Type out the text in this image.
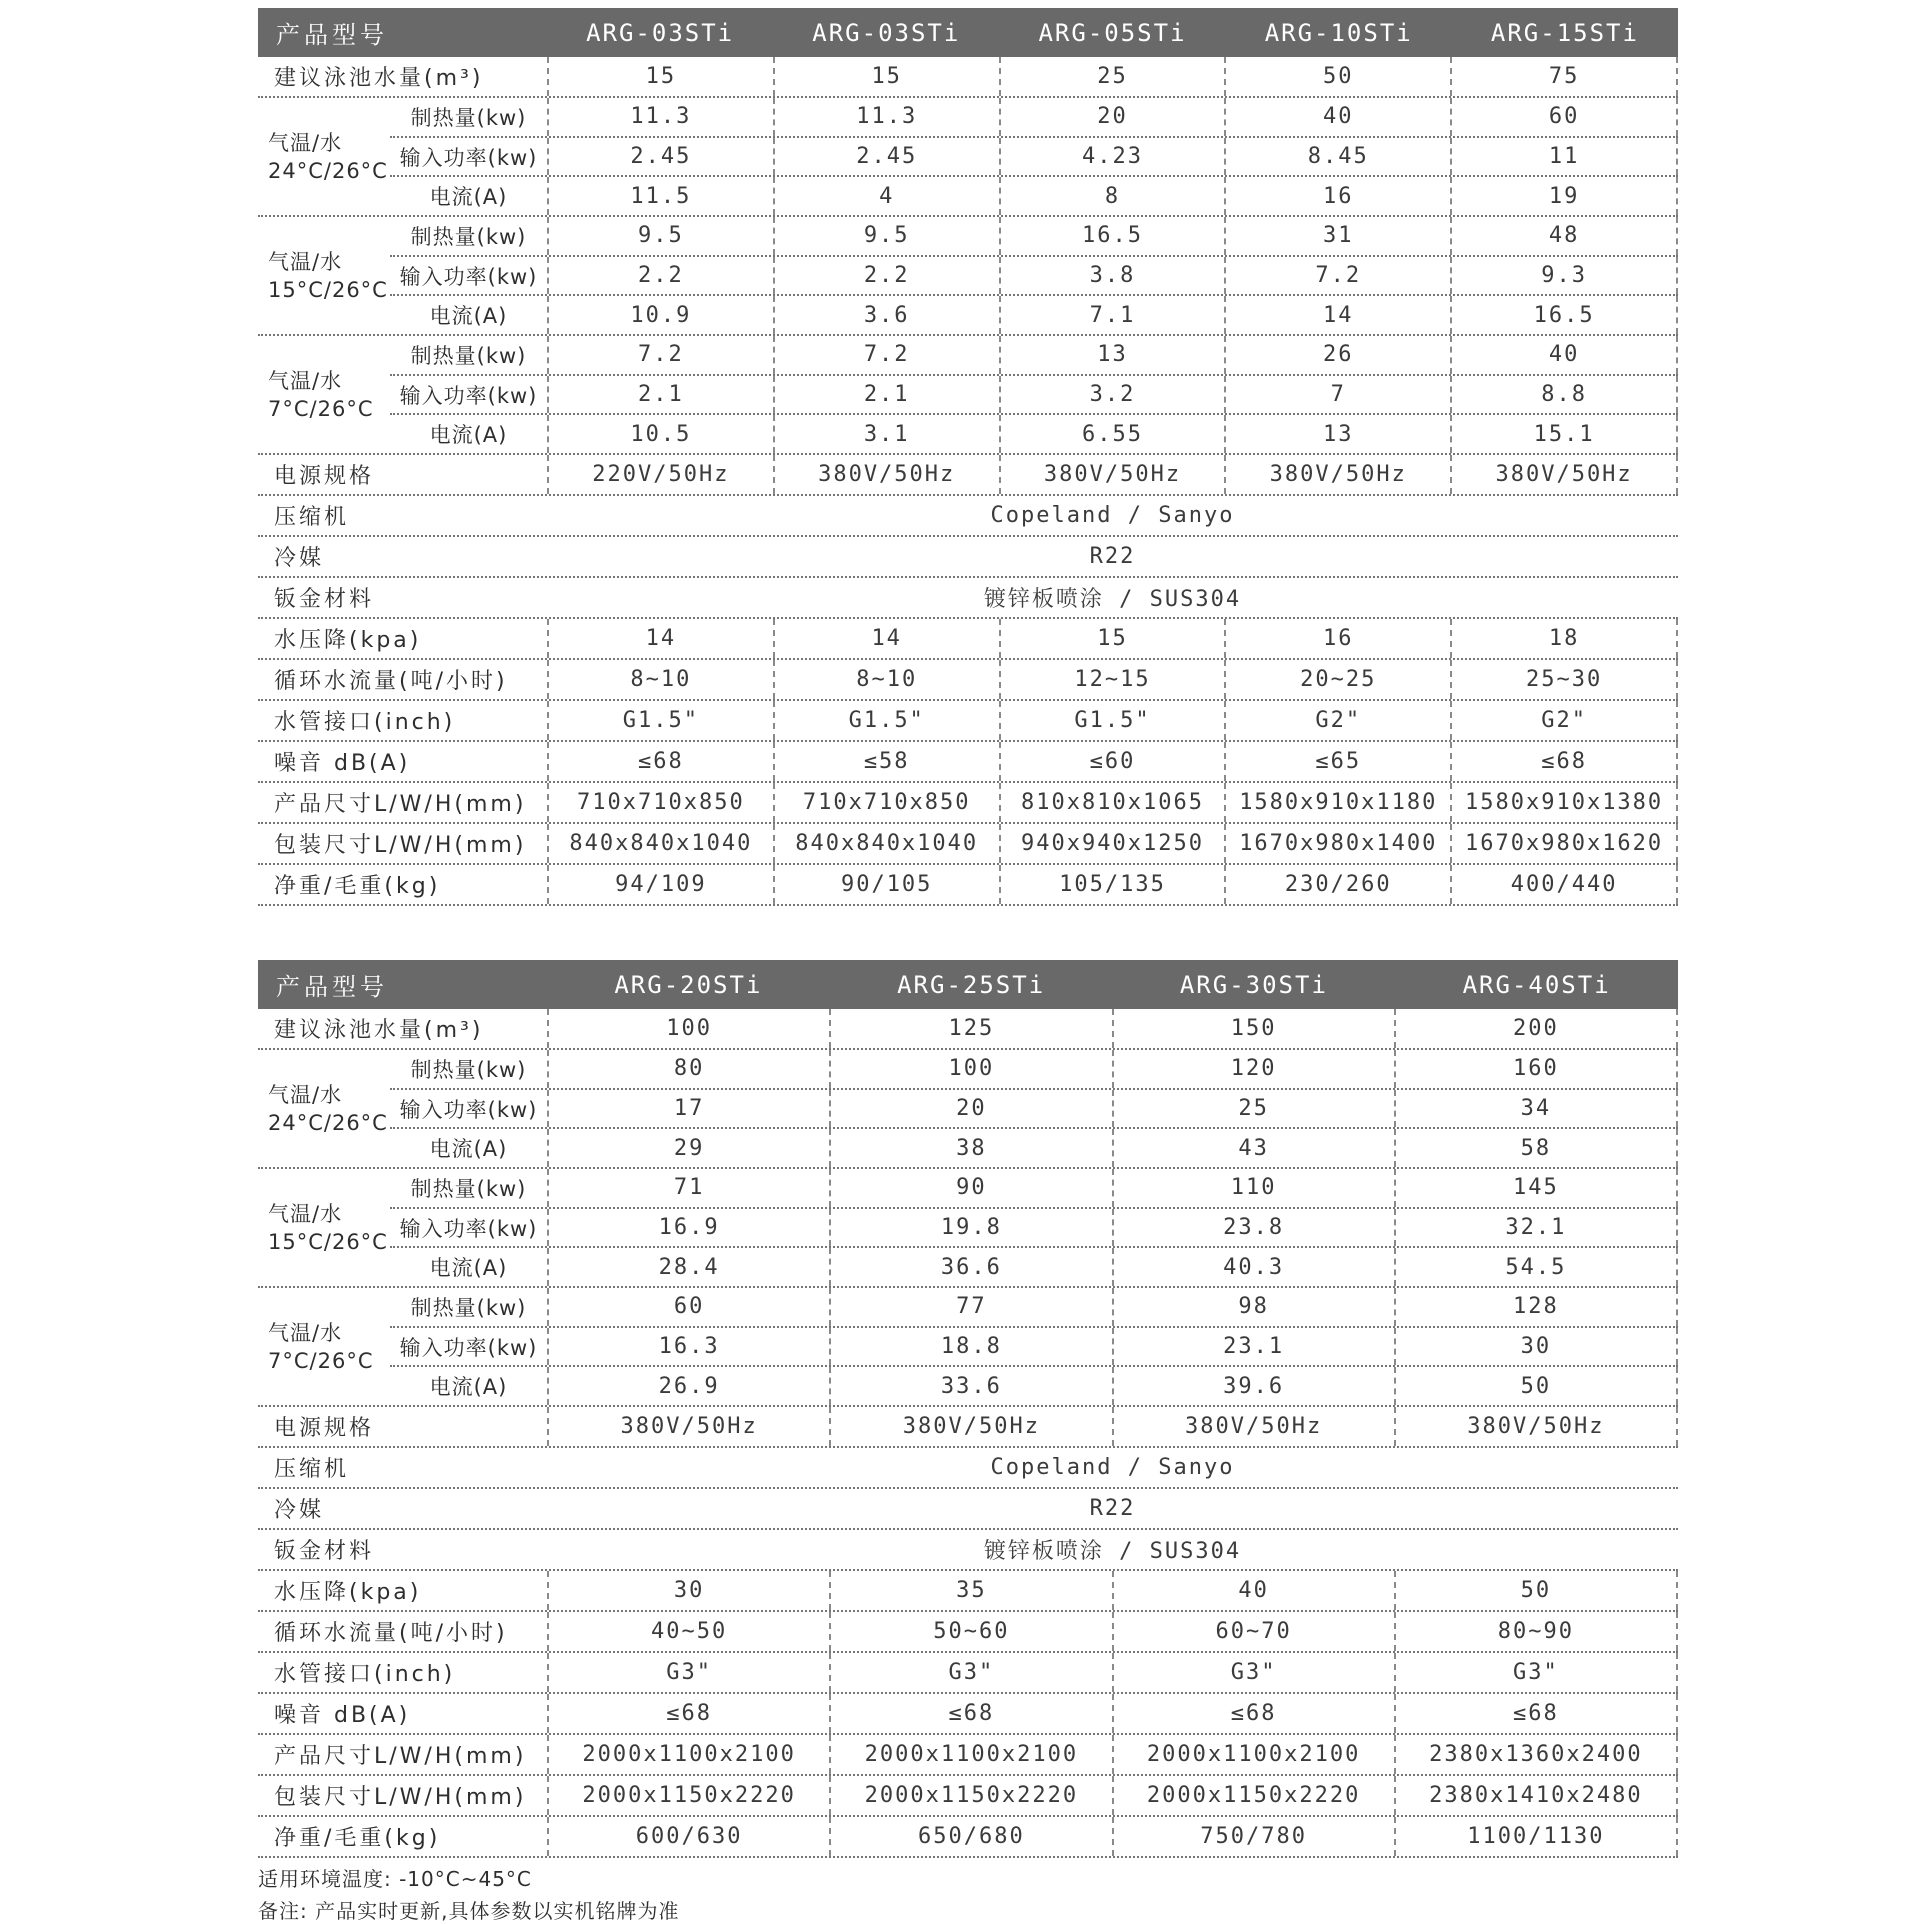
产品型号	ARG-03STi	ARG-03STi	ARG-05STi	ARG-10STi	ARG-15STi
建议泳池水量(m³)	15	15	25	50	75
气温/水
24°C/26°C
制热量(kw)	11.3	11.3	20	40	60
输入功率(kw)	2.45	2.45	4.23	8.45	11
电流(A)	11.5	4	8	16	19
气温/水
15°C/26°C
制热量(kw)	9.5	9.5	16.5	31	48
输入功率(kw)	2.2	2.2	3.8	7.2	9.3
电流(A)	10.9	3.6	7.1	14	16.5
气温/水
7°C/26°C
制热量(kw)	7.2	7.2	13	26	40
输入功率(kw)	2.1	2.1	3.2	7	8.8
电流(A)	10.5	3.1	6.55	13	15.1
电源规格	220V/50Hz	380V/50Hz	380V/50Hz	380V/50Hz	380V/50Hz
压缩机	Copeland / Sanyo
冷媒	R22
钣金材料	镀锌板喷涂 / SUS304
水压降(kpa)	14	14	15	16	18
循环水流量(吨/小时)	8~10	8~10	12~15	20~25	25~30
水管接口(inch)	G1.5"	G1.5"	G1.5"	G2"	G2"
噪音 dB(A)	≤68	≤58	≤60	≤65	≤68
产品尺寸L/W/H(mm)	710x710x850	710x710x850	810x810x1065	1580x910x1180	1580x910x1380
包装尺寸L/W/H(mm)	840x840x1040	840x840x1040	940x940x1250	1670x980x1400	1670x980x1620
净重/毛重(kg)	94/109	90/105	105/135	230/260	400/440
产品型号	ARG-20STi	ARG-25STi	ARG-30STi	ARG-40STi
建议泳池水量(m³)	100	125	150	200
气温/水
24°C/26°C
制热量(kw)	80	100	120	160
输入功率(kw)	17	20	25	34
电流(A)	29	38	43	58
气温/水
15°C/26°C
制热量(kw)	71	90	110	145
输入功率(kw)	16.9	19.8	23.8	32.1
电流(A)	28.4	36.6	40.3	54.5
气温/水
7°C/26°C
制热量(kw)	60	77	98	128
输入功率(kw)	16.3	18.8	23.1	30
电流(A)	26.9	33.6	39.6	50
电源规格	380V/50Hz	380V/50Hz	380V/50Hz	380V/50Hz
压缩机	Copeland / Sanyo
冷媒	R22
钣金材料	镀锌板喷涂 / SUS304
水压降(kpa)	30	35	40	50
循环水流量(吨/小时)	40~50	50~60	60~70	80~90
水管接口(inch)	G3"	G3"	G3"	G3"
噪音 dB(A)	≤68	≤68	≤68	≤68
产品尺寸L/W/H(mm)	2000x1100x2100	2000x1100x2100	2000x1100x2100	2380x1360x2400
包装尺寸L/W/H(mm)	2000x1150x2220	2000x1150x2220	2000x1150x2220	2380x1410x2480
净重/毛重(kg)	600/630	650/680	750/780	1100/1130
适用环境温度: -10°C~45°C
备注: 产品实时更新,具体参数以实机铭牌为准
